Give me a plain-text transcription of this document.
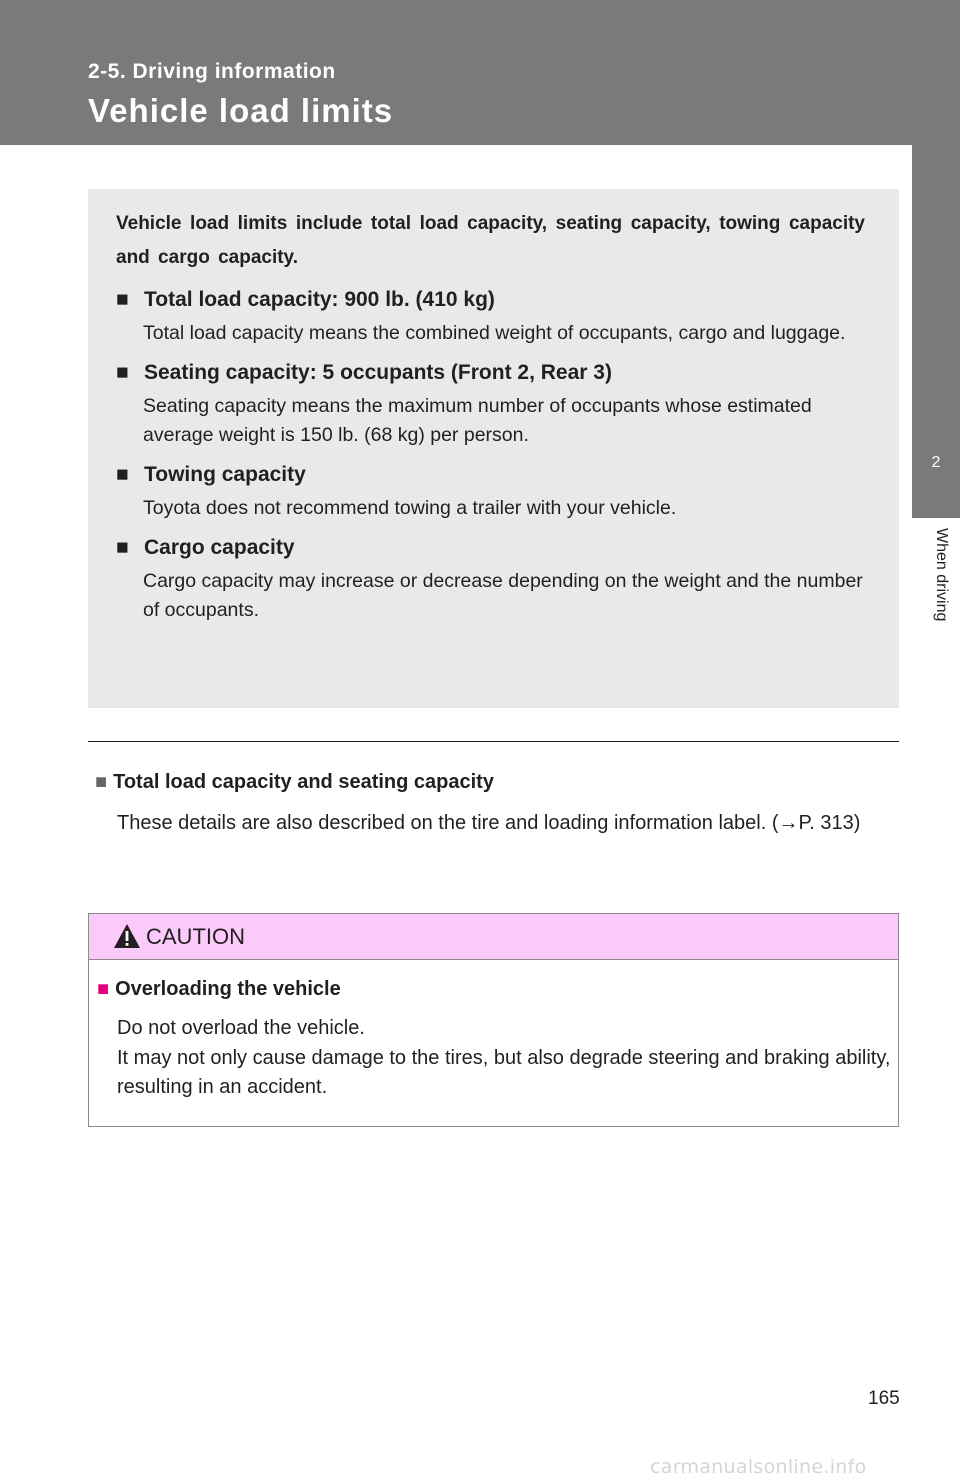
2-5. Driving information
Vehicle load limits
2
When driving

Vehicle load limits include total load capacity, seating capacity, towing capacity and cargo capacity.

■ Total load capacity: 900 lb. (410 kg)
Total load capacity means the combined weight of occupants, cargo and luggage.
■ Seating capacity: 5 occupants (Front 2, Rear 3)
Seating capacity means the maximum number of occupants whose estimated average weight is 150 lb. (68 kg) per person.
■ Towing capacity
Toyota does not recommend towing a trailer with your vehicle.
■ Cargo capacity
Cargo capacity may increase or decrease depending on the weight and the number of occupants.
■ Total load capacity and seating capacity
These details are also described on the tire and loading information label. (→P. 313)
CAUTION
■ Overloading the vehicle
Do not overload the vehicle.
It may not only cause damage to the tires, but also degrade steering and braking ability, resulting in an accident.
165
carmanualsonline.info
